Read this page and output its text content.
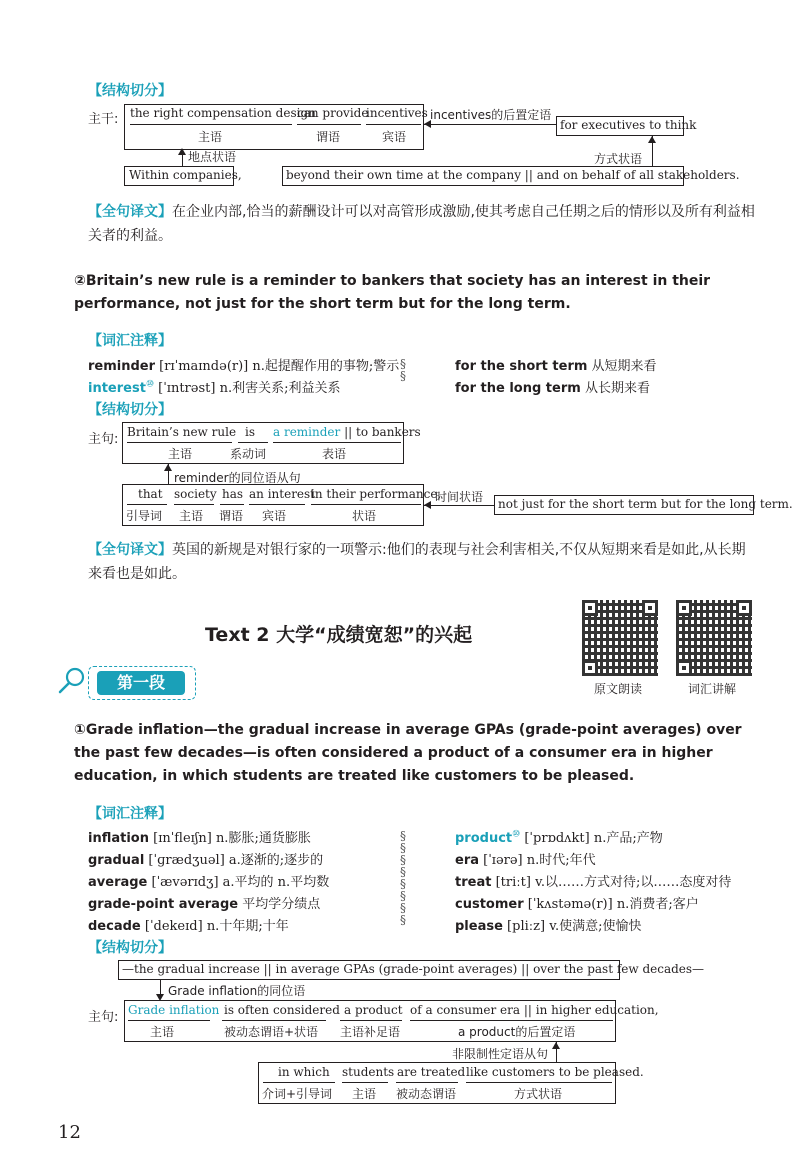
【结构切分】
主干: the right compensation design
主语
can provide
谓语
incentives
宾语
incentives的后置定语
for executives to think
地点状语
Within companies,
方式状语
beyond their own time at the company || and on behalf of all stakeholders.
【全句译文】在企业内部,恰当的薪酬设计可以对高管形成激励,使其考虑自己任期之后的情形以及所有利益相关者的利益。
②Britain’s new rule is a reminder to bankers that society has an interest in their performance, not just for the short term but for the long term.
【词汇注释】
reminder [rɪˈmaɪndə(r)] n.起提醒作用的事物;警示
interest⑩ [ˈɪntrəst] n.利害关系;利益关系
§
§
for the short term 从短期来看
for the long term 从长期来看
【结构切分】
主句: Britain’s new rule
主语
is
系动词
a reminder || to bankers
表语
reminder的同位语从句
that
引导词
society
主语
has
谓语
an interest
宾语
in their performance,
状语
时间状语 not just for the short term but for the long term.
【全句译文】英国的新规是对银行家的一项警示:他们的表现与社会利害相关,不仅从短期来看是如此,从长期来看也是如此。
Text 2 大学“成绩宽恕”的兴起
原文朗读	词汇讲解
第一段
①Grade inflation—the gradual increase in average GPAs (grade-point averages) over the past few decades—is often considered a product of a consumer era in higher education, in which students are treated like customers to be pleased.
【词汇注释】
inflation [ɪnˈfleɪʃn] n.膨胀;通货膨胀
gradual [ˈɡrædʒuəl] a.逐渐的;逐步的
average [ˈævərɪdʒ] a.平均的 n.平均数
grade-point average 平均学分绩点
decade [ˈdekeɪd] n.十年期;十年
§
§
§
§
§
§
§
§
product⑩ [ˈprɒdʌkt] n.产品;产物
era [ˈɪərə] n.时代;年代
treat [triːt] v.以……方式对待;以……态度对待
customer [ˈkʌstəmə(r)] n.消费者;客户
please [pliːz] v.使满意;使愉快
【结构切分】
—the gradual increase || in average GPAs (grade-point averages) || over the past few decades—
Grade inflation的同位语
主句: Grade inflation
主语
is often considered
被动态谓语+状语
a product
主语补足语
of a consumer era || in higher education,
a product的后置定语
非限制性定语从句
in which
介词+引导词
students
主语
are treated
被动态谓语
like customers to be pleased.
方式状语
12
